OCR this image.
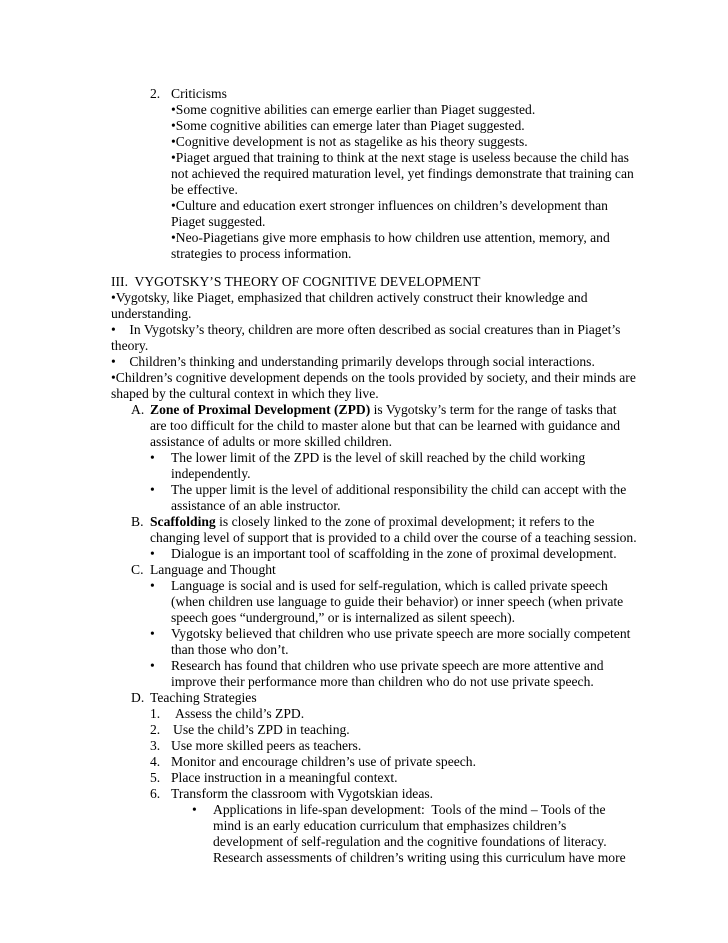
2. Criticisms
•Some cognitive abilities can emerge earlier than Piaget suggested.
•Some cognitive abilities can emerge later than Piaget suggested.
•Cognitive development is not as stagelike as his theory suggests.
•Piaget argued that training to think at the next stage is useless because the child has
not achieved the required maturation level, yet findings demonstrate that training can
be effective.
•Culture and education exert stronger influences on children’s development than
Piaget suggested.
•Neo-Piagetians give more emphasis to how children use attention, memory, and
strategies to process information.
III.  VYGOTSKY’S THEORY OF COGNITIVE DEVELOPMENT
•Vygotsky, like Piaget, emphasized that children actively construct their knowledge and
understanding.
•    In Vygotsky’s theory, children are more often described as social creatures than in Piaget’s
theory.
•    Children’s thinking and understanding primarily develops through social interactions.
•Children’s cognitive development depends on the tools provided by society, and their minds are
shaped by the cultural context in which they live.
A. Zone of Proximal Development (ZPD) is Vygotsky’s term for the range of tasks that
are too difficult for the child to master alone but that can be learned with guidance and
assistance of adults or more skilled children.
• The lower limit of the ZPD is the level of skill reached by the child working
independently.
• The upper limit is the level of additional responsibility the child can accept with the
assistance of an able instructor.
B. Scaffolding is closely linked to the zone of proximal development; it refers to the
changing level of support that is provided to a child over the course of a teaching session.
• Dialogue is an important tool of scaffolding in the zone of proximal development.
C. Language and Thought
• Language is social and is used for self-regulation, which is called private speech
(when children use language to guide their behavior) or inner speech (when private
speech goes “underground,” or is internalized as silent speech).
• Vygotsky believed that children who use private speech are more socially competent
than those who don’t.
• Research has found that children who use private speech are more attentive and
improve their performance more than children who do not use private speech.
D. Teaching Strategies
1. Assess the child’s ZPD.
2. Use the child’s ZPD in teaching.
3. Use more skilled peers as teachers.
4. Monitor and encourage children’s use of private speech.
5. Place instruction in a meaningful context.
6. Transform the classroom with Vygotskian ideas.
• Applications in life-span development:  Tools of the mind – Tools of the
mind is an early education curriculum that emphasizes children’s
development of self-regulation and the cognitive foundations of literacy.
Research assessments of children’s writing using this curriculum have more
